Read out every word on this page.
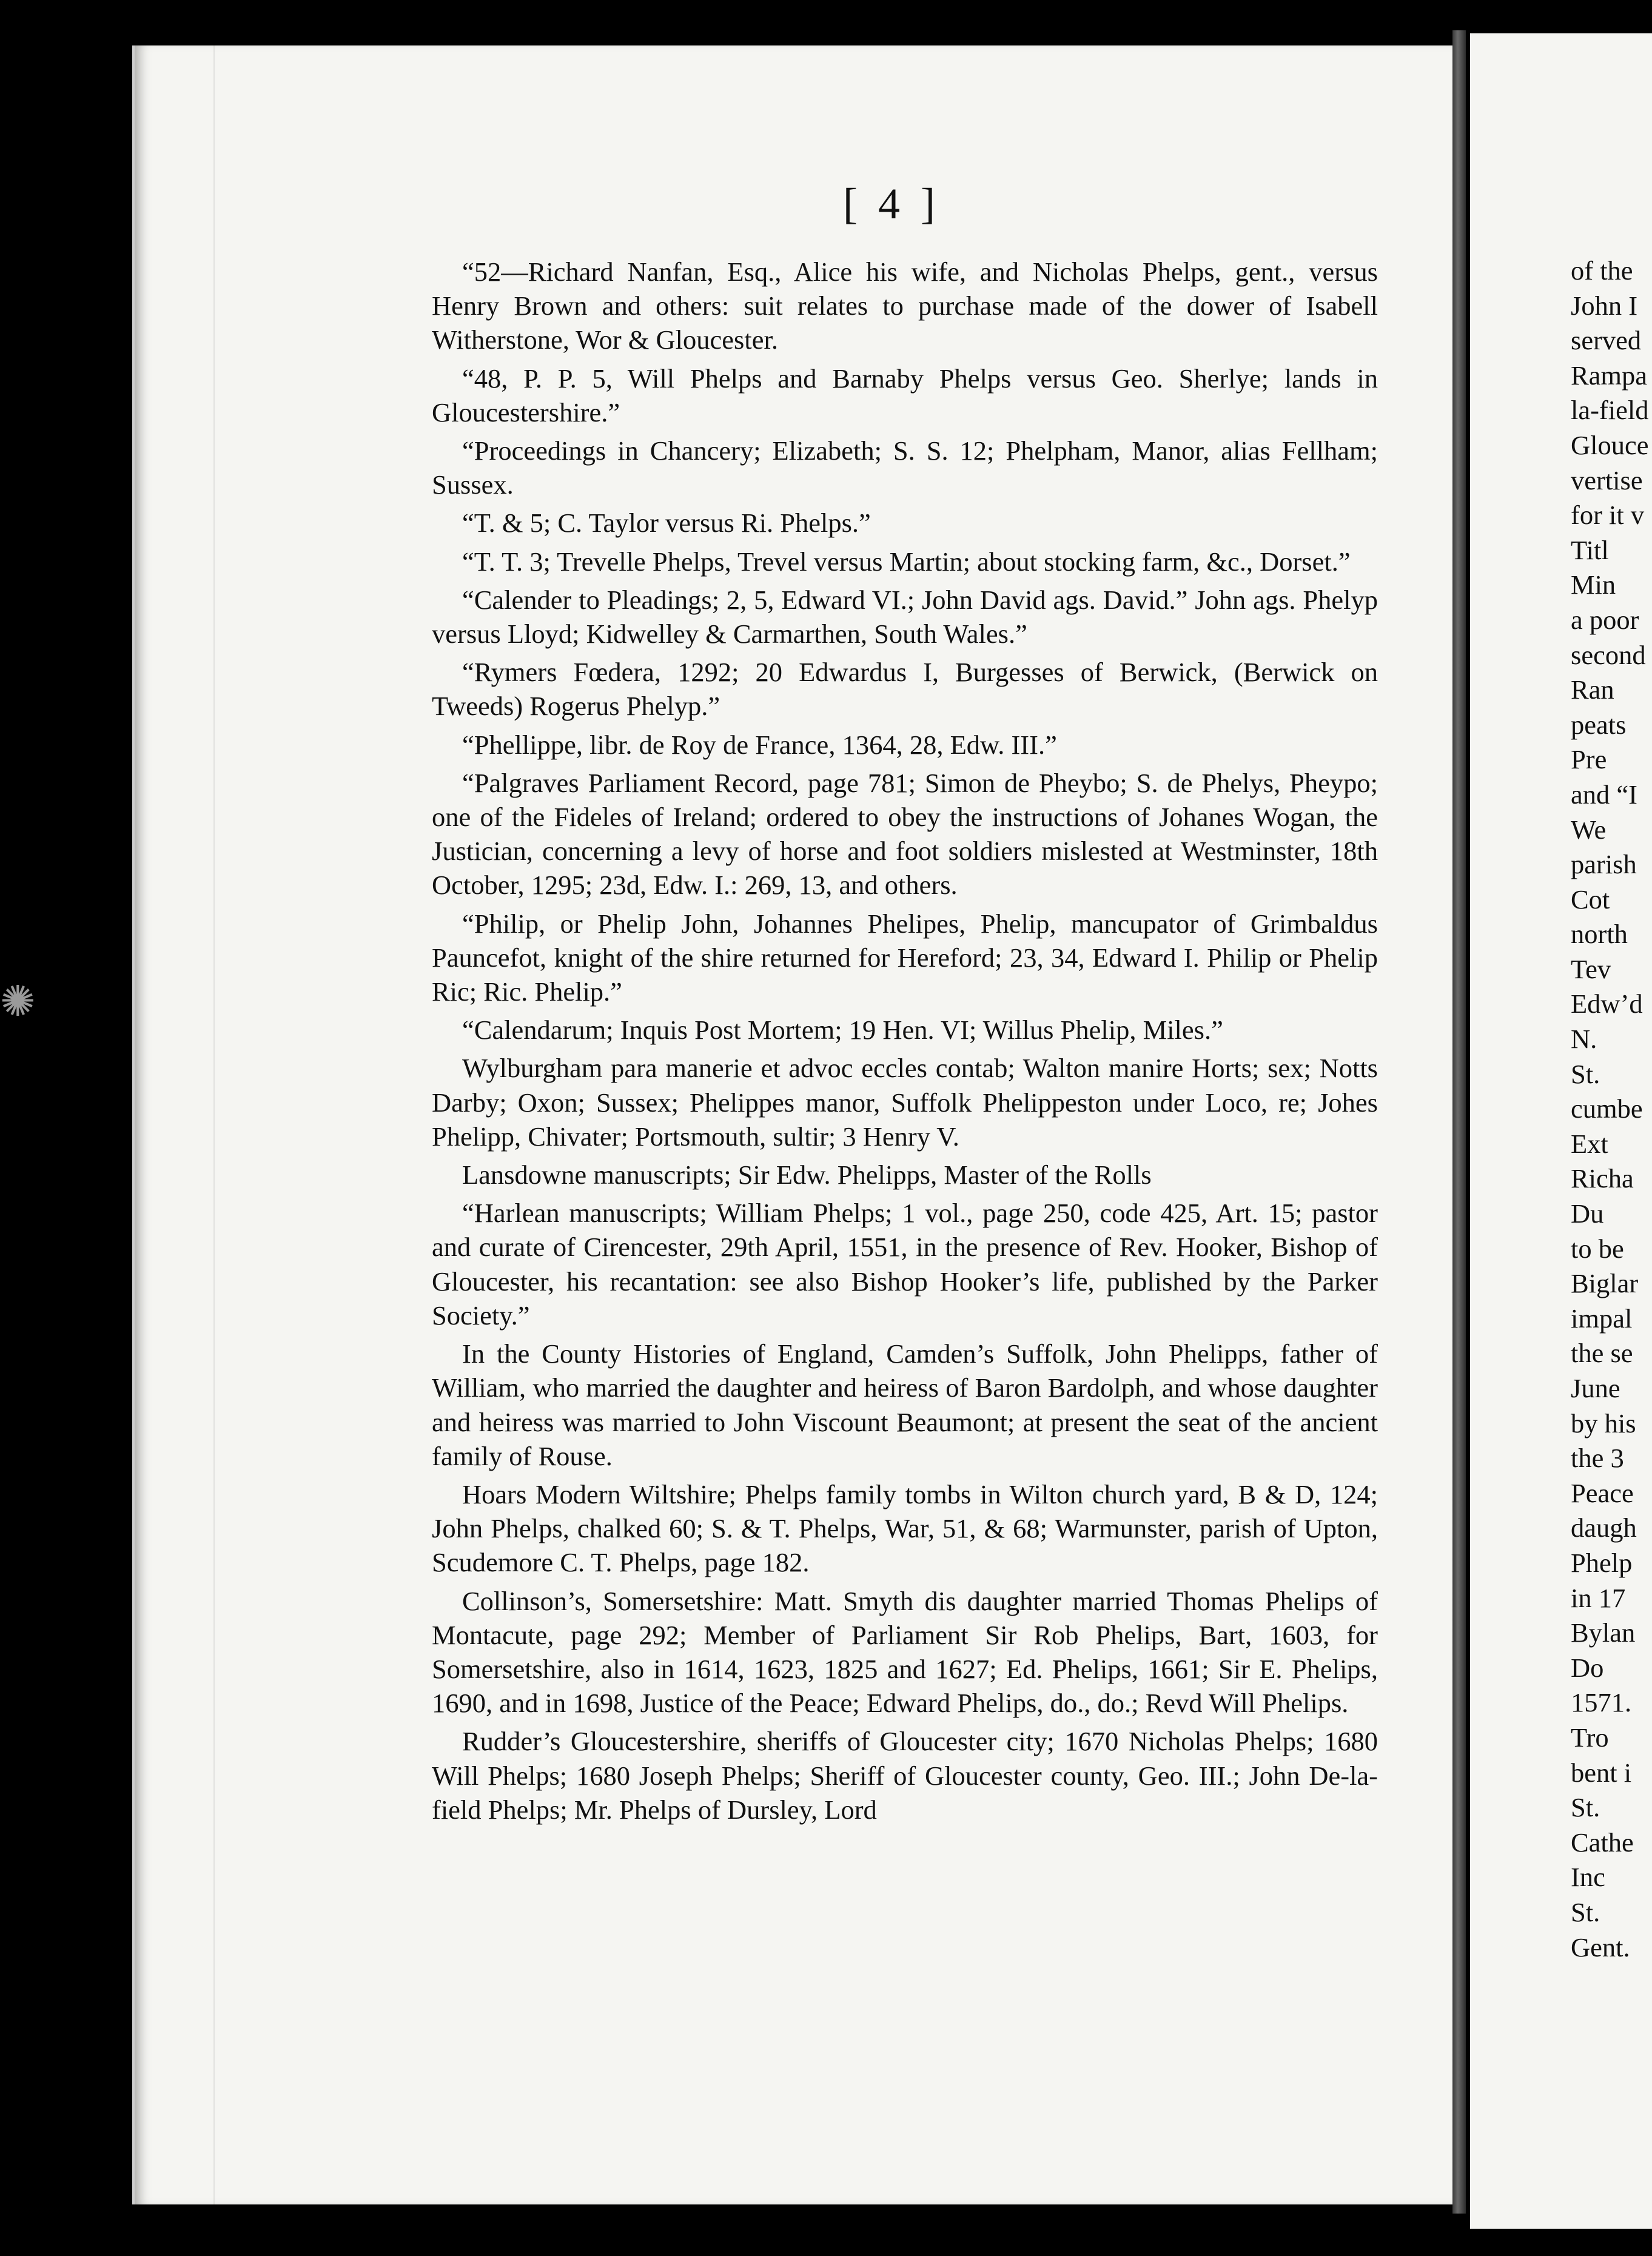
✺
[ 4 ]

“52—Richard Nanfan, Esq., Alice his wife, and Nicholas Phelps, gent., versus Henry Brown and others: suit relates to purchase made of the dower of Isabell Witherstone, Wor & Gloucester.

“48, P. P. 5, Will Phelps and Barnaby Phelps versus Geo. Sherlye; lands in Gloucestershire.”

“Proceedings in Chancery; Elizabeth; S. S. 12; Phelpham, Manor, alias Fellham; Sussex.

“T. & 5; C. Taylor versus Ri. Phelps.”

“T. T. 3; Trevelle Phelps, Trevel versus Martin; about stocking farm, &c., Dorset.”

“Calender to Pleadings; 2, 5, Edward VI.; John David ags. David.” John ags. Phelyp versus Lloyd; Kidwelley & Carmarthen, South Wales.”

“Rymers Fœdera, 1292; 20 Edwardus I, Burgesses of Berwick, (Berwick on Tweeds) Rogerus Phelyp.”

“Phellippe, libr. de Roy de France, 1364, 28, Edw. III.”

“Palgraves Parliament Record, page 781; Simon de Pheybo; S. de Phelys, Pheypo; one of the Fideles of Ireland; ordered to obey the instructions of Johanes Wogan, the Justician, concerning a levy of horse and foot soldiers mislested at Westminster, 18th October, 1295; 23d, Edw. I.: 269, 13, and others.

“Philip, or Phelip John, Johannes Phelipes, Phelip, mancupator of Grimbaldus Pauncefot, knight of the shire returned for Hereford; 23, 34, Edward I. Philip or Phelip Ric; Ric. Phelip.”

“Calendarum; Inquis Post Mortem; 19 Hen. VI; Willus Phelip, Miles.”

Wylburgham para manerie et advoc eccles contab; Walton manire Horts; sex; Notts Darby; Oxon; Sussex; Phelippes manor, Suffolk Phelippeston under Loco, re; Johes Phelipp, Chivater; Portsmouth, sultir; 3 Henry V.

Lansdowne manuscripts; Sir Edw. Phelipps, Master of the Rolls

“Harlean manuscripts; William Phelps; 1 vol., page 250, code 425, Art. 15; pastor and curate of Cirencester, 29th April, 1551, in the presence of Rev. Hooker, Bishop of Gloucester, his recantation: see also Bishop Hooker’s life, published by the Parker Society.”

In the County Histories of England, Camden’s Suffolk, John Phelipps, father of William, who married the daughter and heiress of Baron Bardolph, and whose daughter and heiress was married to John Viscount Beaumont; at present the seat of the ancient family of Rouse.

Hoars Modern Wiltshire; Phelps family tombs in Wilton church yard, B & D, 124; John Phelps, chalked 60; S. & T. Phelps, War, 51, & 68; Warmunster, parish of Upton, Scudemore C. T. Phelps, page 182.

Collinson’s, Somersetshire: Matt. Smyth dis daughter married Thomas Phelips of Montacute, page 292; Member of Parliament Sir Rob Phelips, Bart, 1603, for Somersetshire, also in 1614, 1623, 1825 and 1627; Ed. Phelips, 1661; Sir E. Phelips, 1690, and in 1698, Justice of the Peace; Edward Phelips, do., do.; Revd Will Phelips.

Rudder’s Gloucestershire, sheriffs of Gloucester city; 1670 Nicholas Phelps; 1680 Will Phelps; 1680 Joseph Phelps; Sheriff of Gloucester county, Geo. III.; John De-la-field Phelps; Mr. Phelps of Dursley, Lord

of the
John I
served
Rampa
la-field
Glouce
vertise
for it v
Titl
Min
a poor
second
Ran
peats
Pre
and “I
We
parish
Cot
north
Tev
Edw’d
N.
St.
cumbe
Ext
Richa
Du
to be
Biglar
impal
the se
June
by his
the 3
Peace
daugh
Phelp
in 17
Bylan
Do
1571.
Tro
bent i
St.
Cathe
Inc
St.
Gent.
